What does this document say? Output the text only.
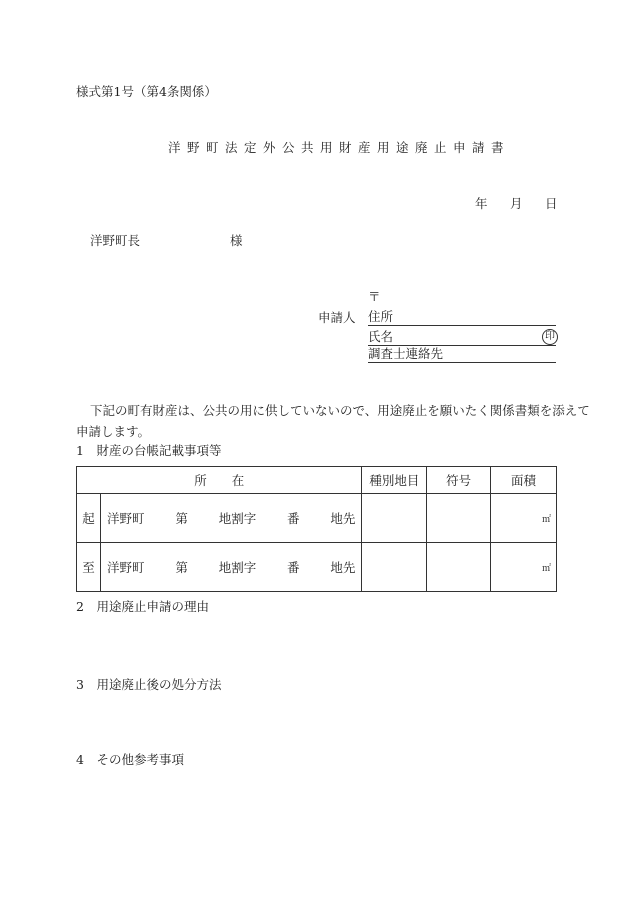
様式第1号（第4条関係）
洋野町法定外公共用財産用途廃止申請書
年 月 日
洋野町長	様
〒
申請人 住所
氏名	印
調査士連絡先
下記の町有財産は、公共の用に供していないので、用途廃止を願いたく関係書類を添えて
申請します。
1　財産の台帳記載事項等
所　　在		種別地目	符号	面積
起	洋野町 第 地割字 番 地先			㎡
至	洋野町 第 地割字 番 地先			㎡
2　用途廃止申請の理由
3　用途廃止後の処分方法
4　その他参考事項
